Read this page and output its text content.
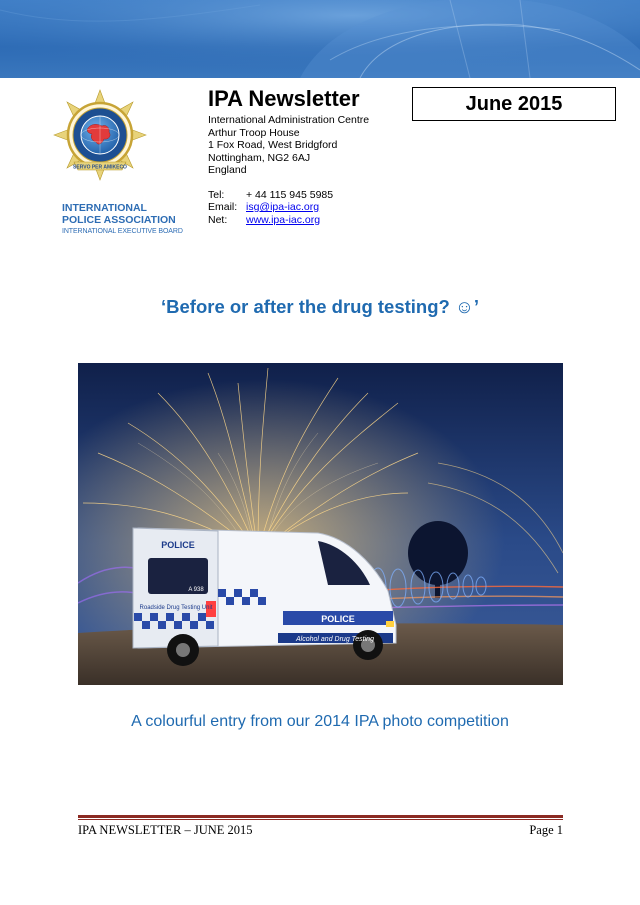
SERVO PER AMIKECO
INTERNATIONAL
POLICE ASSOCIATION
INTERNATIONAL EXECUTIVE BOARD
IPA Newsletter
International Administration Centre
Arthur Troop House
1 Fox Road, West Bridgford
Nottingham, NG2 6AJ
England
Tel:	+ 44 115 945 5985
Email: isg@ipa-iac.org
Net:	www.ipa-iac.org
June 2015
‘Before or after the drug testing? ☺’
POLICE
POLICE
Roadside Drug Testing Unit
Alcohol and Drug Testing
A 938
A colourful entry from our 2014 IPA photo competition
IPA NEWSLETTER – JUNE 2015	Page 1
